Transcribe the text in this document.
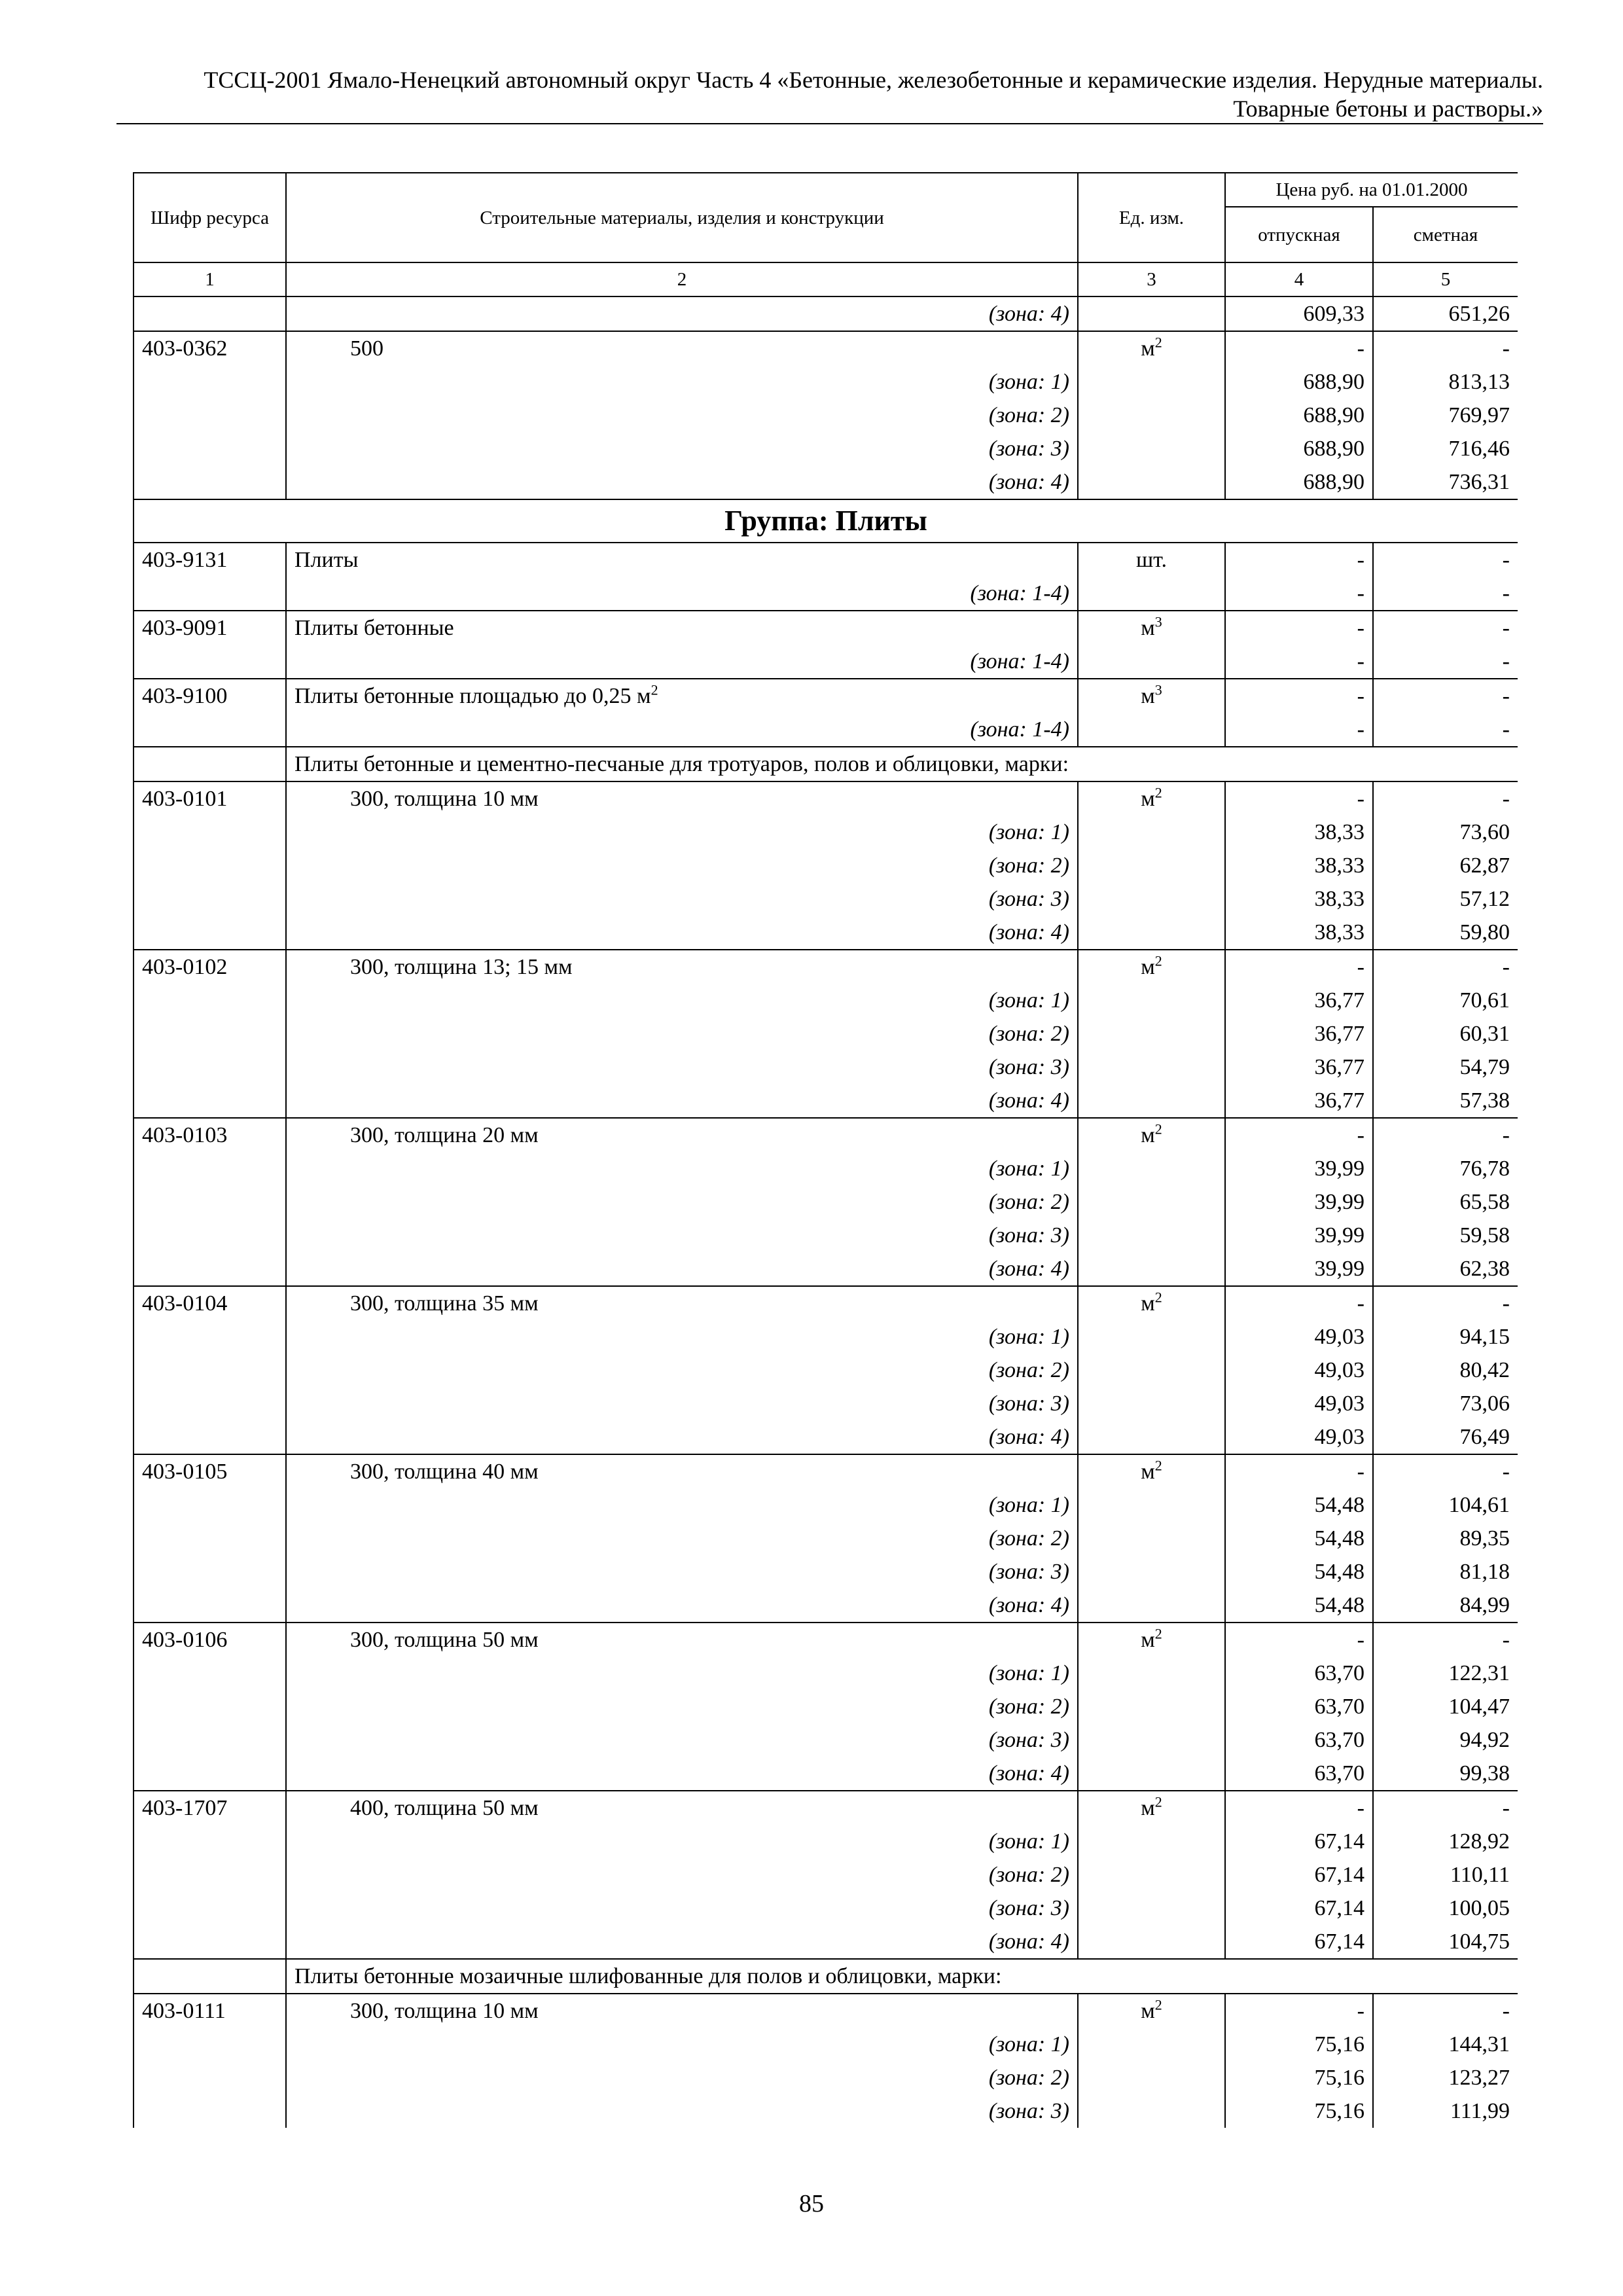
ТССЦ-2001 Ямало-Ненецкий автономный округ Часть 4 «Бетонные, железобетонные и керамические изделия. Нерудные материалы.
Товарные бетоны и растворы.»
Шифр ресурса	Строительные материалы, изделия и конструкции	Ед. изм.	Цена руб. на 01.01.2000	
			отпускная	сметная
1	2	3	4	5
	(зона: 4)		609,33	651,26
403-0362	500	$м^2$	-	-
	(зона: 1)		688,90	813,13
	(зона: 2)		688,90	769,97
	(зона: 3)		688,90	716,46
	(зона: 4)		688,90	736,31
Группа: Плиты				
403-9131	Плиты	шт.	-	-
	(зона: 1-4)		-	-
403-9091	Плиты бетонные	$м^3$	-	-
	(зона: 1-4)		-	-
403-9100	Плиты бетонные площадью до 0,25 $м^2$	$м^3$	-	-
	(зона: 1-4)		-	-
	Плиты бетонные и цементно-песчаные для тротуаров, полов и облицовки, марки:			
403-0101	300, толщина 10 мм	$м^2$	-	-
	(зона: 1)		38,33	73,60
	(зона: 2)		38,33	62,87
	(зона: 3)		38,33	57,12
	(зона: 4)		38,33	59,80
403-0102	300, толщина 13; 15 мм	$м^2$	-	-
	(зона: 1)		36,77	70,61
	(зона: 2)		36,77	60,31
	(зона: 3)		36,77	54,79
	(зона: 4)		36,77	57,38
403-0103	300, толщина 20 мм	$м^2$	-	-
	(зона: 1)		39,99	76,78
	(зона: 2)		39,99	65,58
	(зона: 3)		39,99	59,58
	(зона: 4)		39,99	62,38
403-0104	300, толщина 35 мм	$м^2$	-	-
	(зона: 1)		49,03	94,15
	(зона: 2)		49,03	80,42
	(зона: 3)		49,03	73,06
	(зона: 4)		49,03	76,49
403-0105	300, толщина 40 мм	$м^2$	-	-
	(зона: 1)		54,48	104,61
	(зона: 2)		54,48	89,35
	(зона: 3)		54,48	81,18
	(зона: 4)		54,48	84,99
403-0106	300, толщина 50 мм	$м^2$	-	-
	(зона: 1)		63,70	122,31
	(зона: 2)		63,70	104,47
	(зона: 3)		63,70	94,92
	(зона: 4)		63,70	99,38
403-1707	400, толщина 50 мм	$м^2$	-	-
	(зона: 1)		67,14	128,92
	(зона: 2)		67,14	110,11
	(зона: 3)		67,14	100,05
	(зона: 4)		67,14	104,75
	Плиты бетонные мозаичные шлифованные для полов и облицовки, марки:			
403-0111	300, толщина 10 мм	$м^2$	-	-
	(зона: 1)		75,16	144,31
	(зона: 2)		75,16	123,27
	(зона: 3)		75,16	111,99
85
